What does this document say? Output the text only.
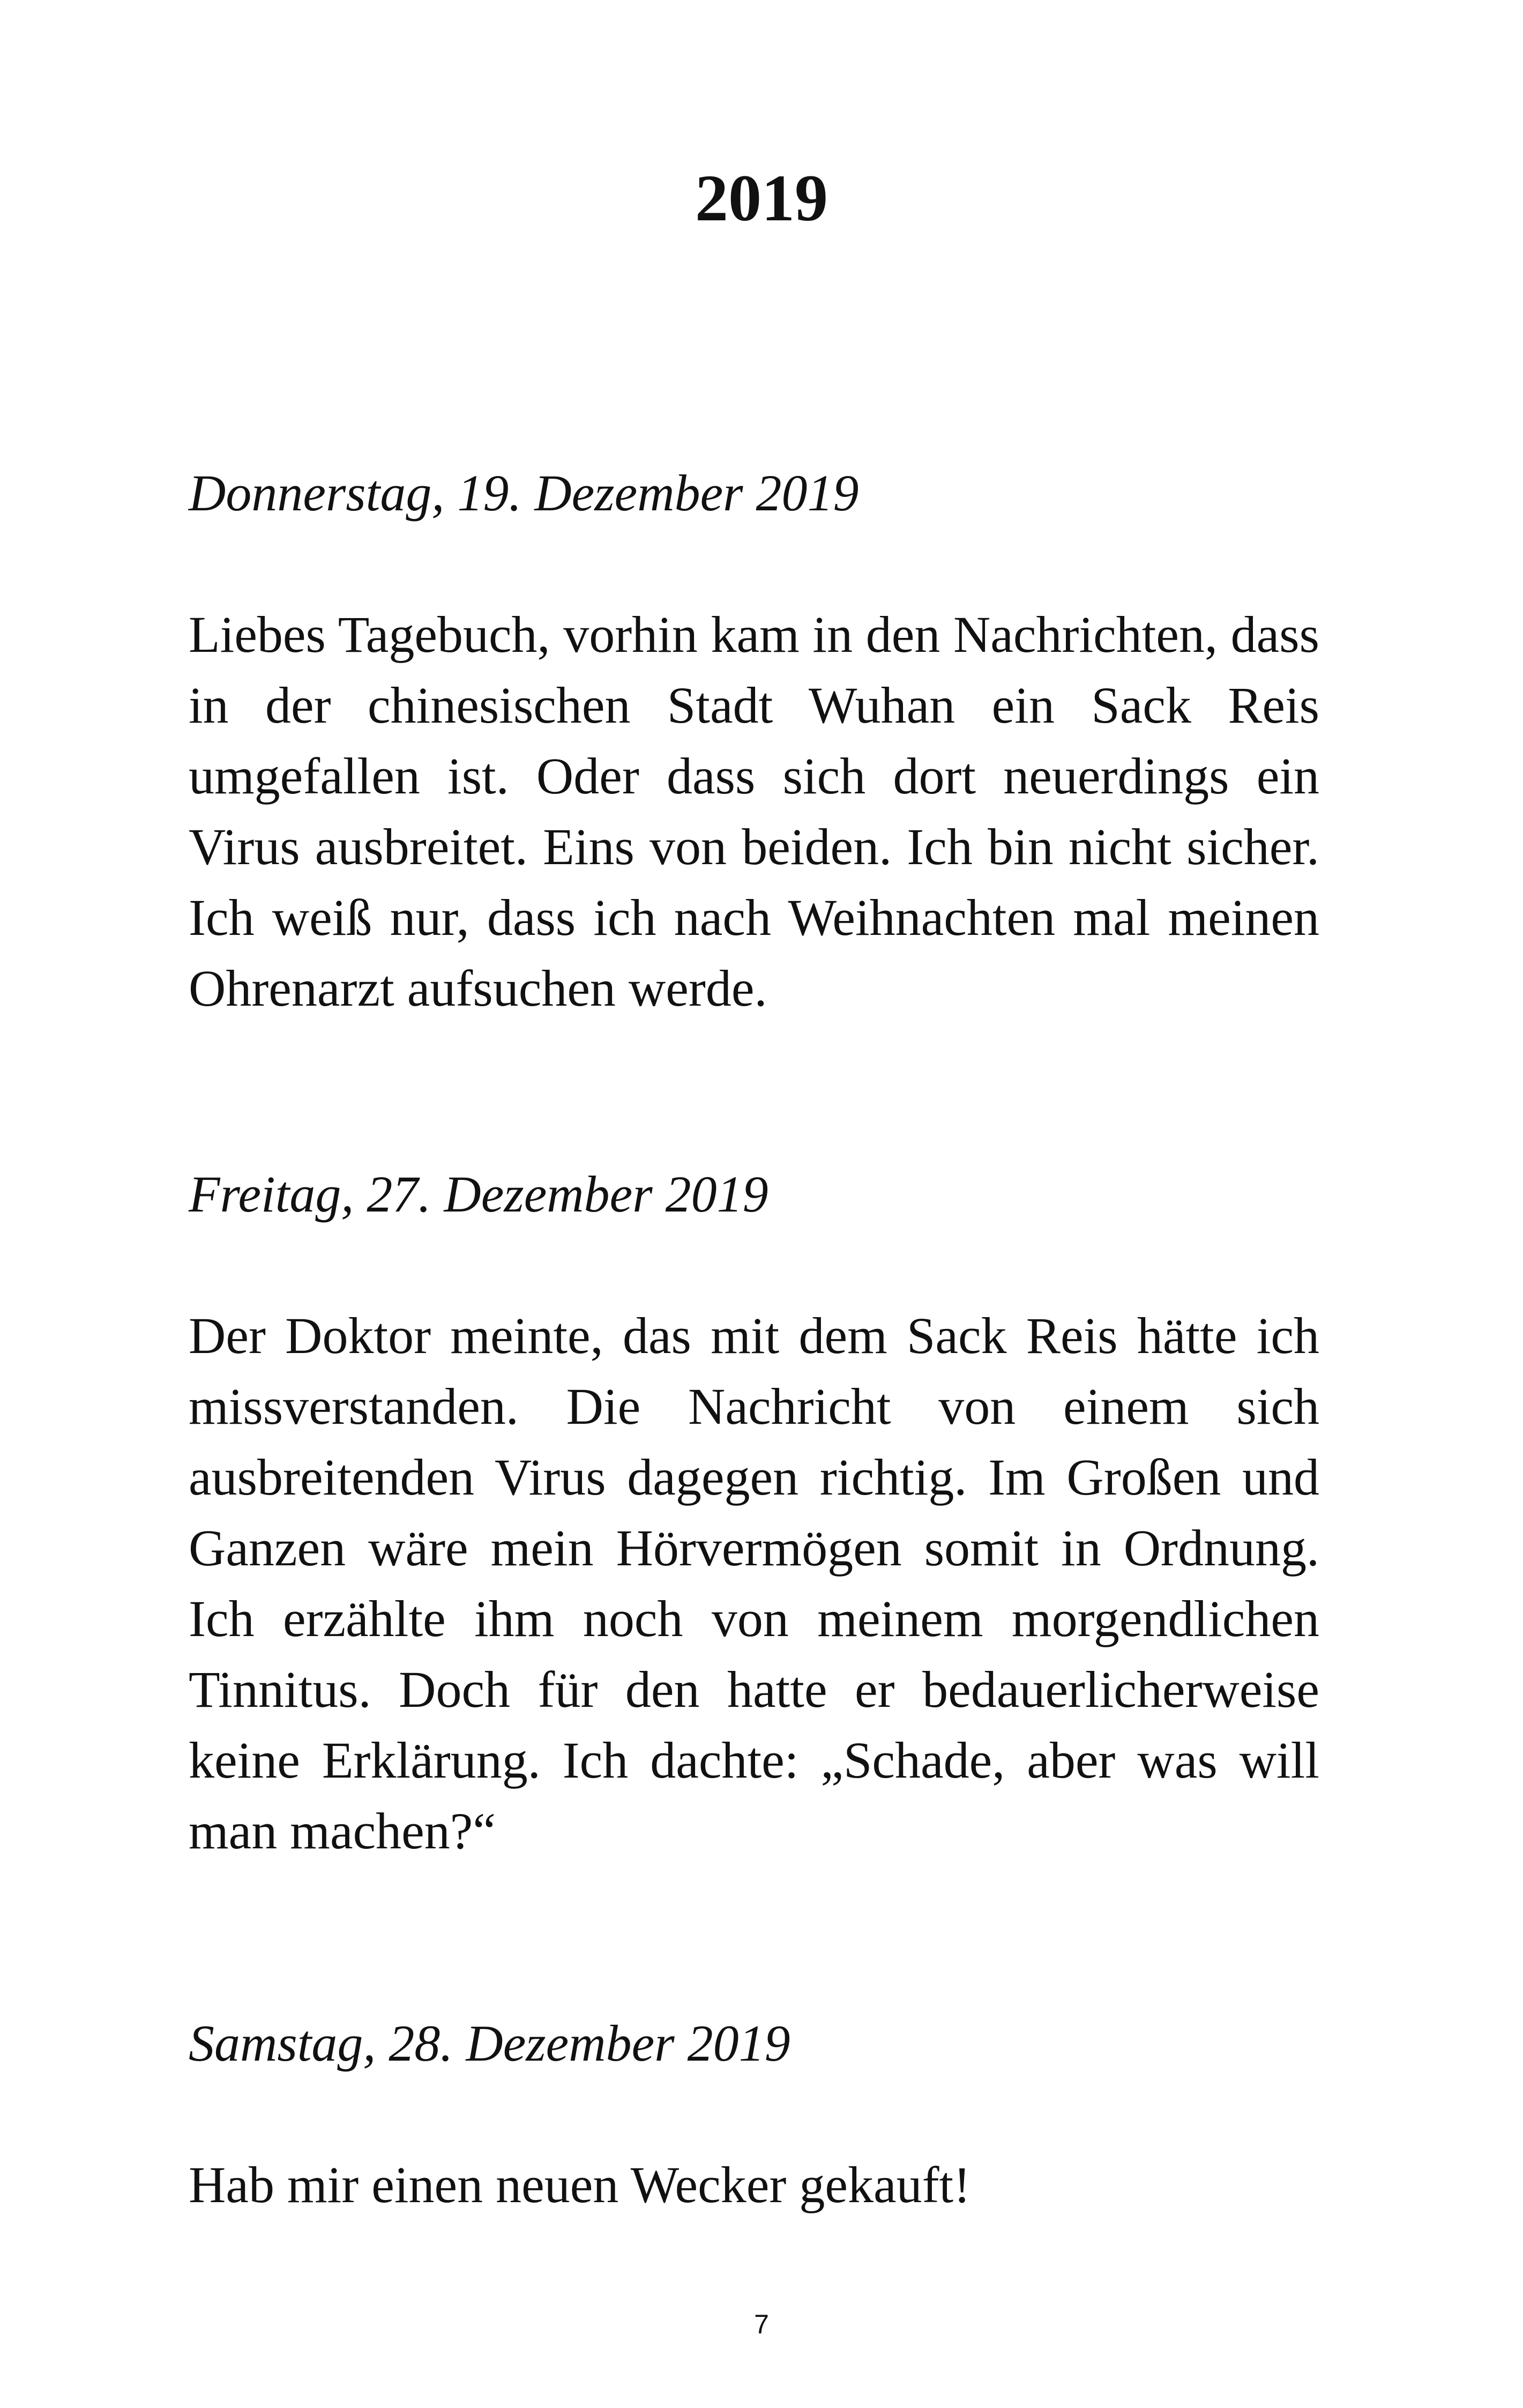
2019

Donnerstag, 19. Dezember 2019

Liebes Tagebuch, vorhin kam in den Nachrichten, dass in der chinesischen Stadt Wuhan ein Sack Reis umgefallen ist. Oder dass sich dort neuerdings ein Virus ausbreitet. Eins von beiden. Ich bin nicht sicher. Ich weiß nur, dass ich nach Weihnachten mal meinen Ohrenarzt aufsuchen werde.

Freitag, 27. Dezember 2019

Der Doktor meinte, das mit dem Sack Reis hätte ich missverstanden. Die Nachricht von einem sich ausbreitenden Virus dagegen richtig. Im Großen und Ganzen wäre mein Hörvermögen somit in Ordnung. Ich erzählte ihm noch von meinem morgendlichen Tinnitus. Doch für den hatte er bedauerlicherweise keine Erklärung. Ich dachte: „Schade, aber was will man machen?“

Samstag, 28. Dezember 2019

Hab mir einen neuen Wecker gekauft!

7
